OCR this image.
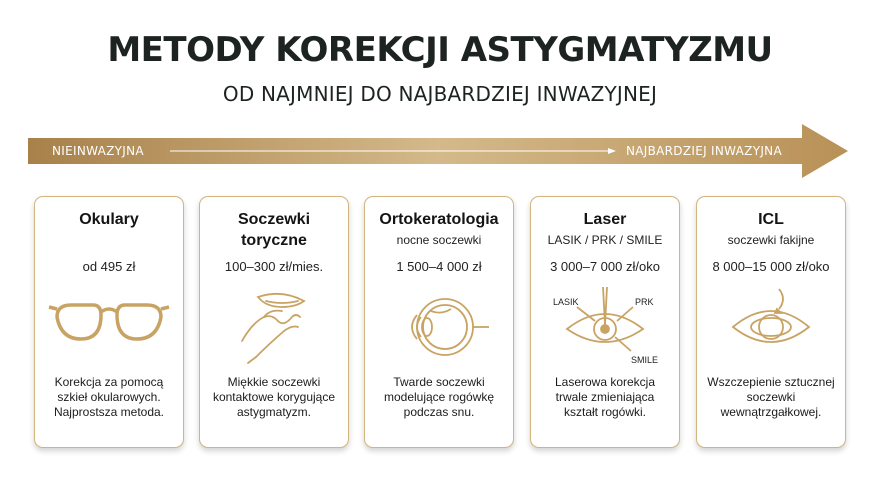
METODY KOREKCJI ASTYGMATYZMU
OD NAJMNIEJ DO NAJBARDZIEJ INWAZYJNEJ
NIEINWAZYJNA	NAJBARDZIEJ INWAZYJNA
Okulary
od 495 zł
Korekcja za pomocą
szkieł okularowych.
Najprostsza metoda.
Soczewki
toryczne
100–300 zł/mies.
Miękkie soczewki
kontaktowe korygujące
astygmatyzm.
Ortokeratologia
nocne soczewki
1 500–4 000 zł
Twarde soczewki
modelujące rogówkę
podczas snu.
Laser
LASIK / PRK / SMILE
3 000–7 000 zł/oko
LASIK	PRK
SMILE
Laserowa korekcja
trwale zmieniająca
kształt rogówki.
ICL
soczewki fakijne
8 000–15 000 zł/oko
Wszczepienie sztucznej
soczewki
wewnątrzgałkowej.
